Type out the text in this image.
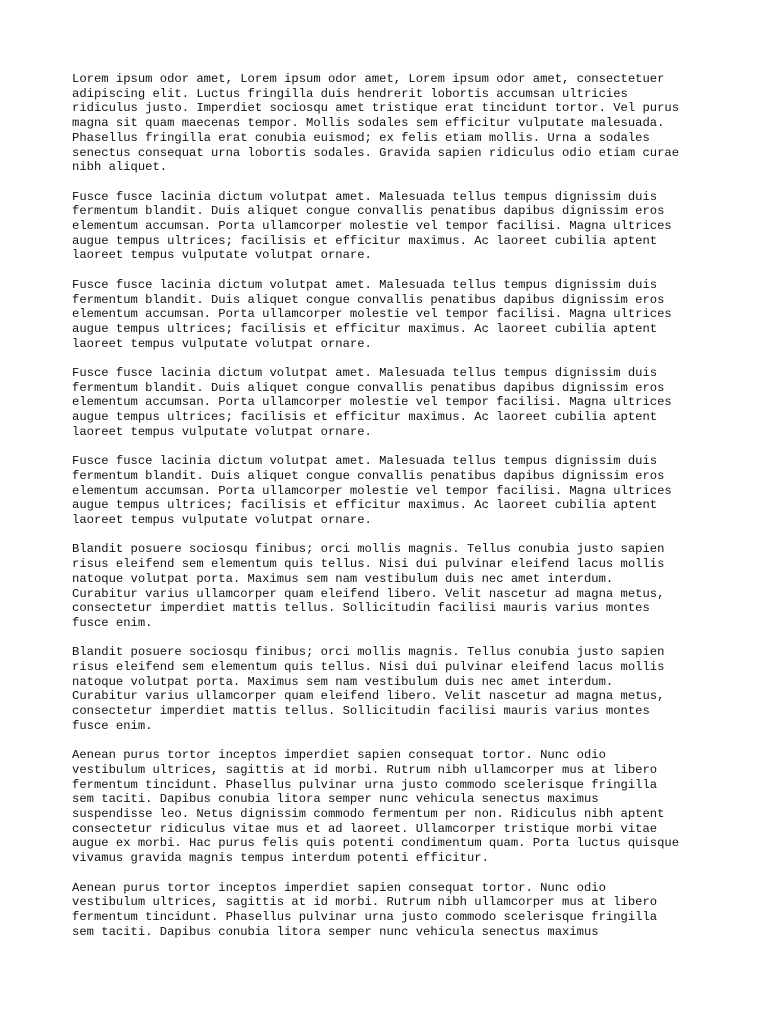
Lorem ipsum odor amet, Lorem ipsum odor amet, Lorem ipsum odor amet, consectetuer
adipiscing elit. Luctus fringilla duis hendrerit lobortis accumsan ultricies
ridiculus justo. Imperdiet sociosqu amet tristique erat tincidunt tortor. Vel purus
magna sit quam maecenas tempor. Mollis sodales sem efficitur vulputate malesuada.
Phasellus fringilla erat conubia euismod; ex felis etiam mollis. Urna a sodales
senectus consequat urna lobortis sodales. Gravida sapien ridiculus odio etiam curae
nibh aliquet.

Fusce fusce lacinia dictum volutpat amet. Malesuada tellus tempus dignissim duis
fermentum blandit. Duis aliquet congue convallis penatibus dapibus dignissim eros
elementum accumsan. Porta ullamcorper molestie vel tempor facilisi. Magna ultrices
augue tempus ultrices; facilisis et efficitur maximus. Ac laoreet cubilia aptent
laoreet tempus vulputate volutpat ornare.

Fusce fusce lacinia dictum volutpat amet. Malesuada tellus tempus dignissim duis
fermentum blandit. Duis aliquet congue convallis penatibus dapibus dignissim eros
elementum accumsan. Porta ullamcorper molestie vel tempor facilisi. Magna ultrices
augue tempus ultrices; facilisis et efficitur maximus. Ac laoreet cubilia aptent
laoreet tempus vulputate volutpat ornare.

Fusce fusce lacinia dictum volutpat amet. Malesuada tellus tempus dignissim duis
fermentum blandit. Duis aliquet congue convallis penatibus dapibus dignissim eros
elementum accumsan. Porta ullamcorper molestie vel tempor facilisi. Magna ultrices
augue tempus ultrices; facilisis et efficitur maximus. Ac laoreet cubilia aptent
laoreet tempus vulputate volutpat ornare.

Fusce fusce lacinia dictum volutpat amet. Malesuada tellus tempus dignissim duis
fermentum blandit. Duis aliquet congue convallis penatibus dapibus dignissim eros
elementum accumsan. Porta ullamcorper molestie vel tempor facilisi. Magna ultrices
augue tempus ultrices; facilisis et efficitur maximus. Ac laoreet cubilia aptent
laoreet tempus vulputate volutpat ornare.

Blandit posuere sociosqu finibus; orci mollis magnis. Tellus conubia justo sapien
risus eleifend sem elementum quis tellus. Nisi dui pulvinar eleifend lacus mollis
natoque volutpat porta. Maximus sem nam vestibulum duis nec amet interdum.
Curabitur varius ullamcorper quam eleifend libero. Velit nascetur ad magna metus,
consectetur imperdiet mattis tellus. Sollicitudin facilisi mauris varius montes
fusce enim.

Blandit posuere sociosqu finibus; orci mollis magnis. Tellus conubia justo sapien
risus eleifend sem elementum quis tellus. Nisi dui pulvinar eleifend lacus mollis
natoque volutpat porta. Maximus sem nam vestibulum duis nec amet interdum.
Curabitur varius ullamcorper quam eleifend libero. Velit nascetur ad magna metus,
consectetur imperdiet mattis tellus. Sollicitudin facilisi mauris varius montes
fusce enim.

Aenean purus tortor inceptos imperdiet sapien consequat tortor. Nunc odio
vestibulum ultrices, sagittis at id morbi. Rutrum nibh ullamcorper mus at libero
fermentum tincidunt. Phasellus pulvinar urna justo commodo scelerisque fringilla
sem taciti. Dapibus conubia litora semper nunc vehicula senectus maximus
suspendisse leo. Netus dignissim commodo fermentum per non. Ridiculus nibh aptent
consectetur ridiculus vitae mus et ad laoreet. Ullamcorper tristique morbi vitae
augue ex morbi. Hac purus felis quis potenti condimentum quam. Porta luctus quisque
vivamus gravida magnis tempus interdum potenti efficitur.

Aenean purus tortor inceptos imperdiet sapien consequat tortor. Nunc odio
vestibulum ultrices, sagittis at id morbi. Rutrum nibh ullamcorper mus at libero
fermentum tincidunt. Phasellus pulvinar urna justo commodo scelerisque fringilla
sem taciti. Dapibus conubia litora semper nunc vehicula senectus maximus
